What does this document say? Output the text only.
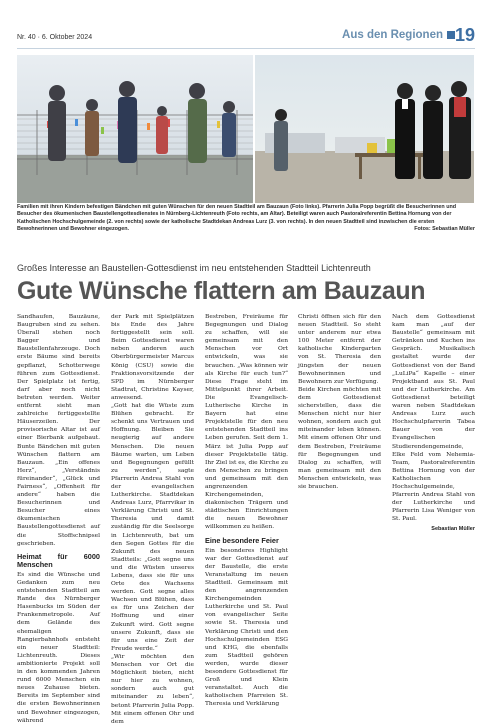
Nr. 40 · 6. Oktober 2024	Aus den Regionen 19
Familien mit ihren Kindern befestigen Bändchen mit guten Wünschen für den neuen Stadtteil am Bauzaun (Foto links). Pfarrerin Julia Popp begrüßt die Besucherinnen und Besucher des ökumenischen Baustellengottesdienstes in Nürnberg-Lichtenreuth (Foto rechts, am Altar). Beteiligt waren auch Pastoralreferentin Bettina Hornung von der Katholischen Hochschulgemeinde (2. von rechts) sowie der katholische Stadtdekan Andreas Lurz (3. von rechts). In den neuen Stadtteil sind inzwischen die ersten Bewohnerinnen und Bewohner eingezogen.	Fotos: Sebastian Müller
Großes Interesse an Baustellen-Gottesdienst im neu entstehenden Stadtteil Lichtenreuth
Gute Wünsche flattern am Bauzaun

Sandhaufen, Bauzäune, Baugruben sind zu sehen. Überall stehen noch Bagger und Baustellenfahrzeuge. Doch erste Bäume sind bereits gepflanzt, Schotterwege führen zum Gottesdienst. Der Spielplatz ist fertig, darf aber noch nicht betreten werden. Weiter entfernt sieht man zahlreiche fertiggestellte Häuserzeilen. Der provisorische Altar ist auf einer Bierbank aufgebaut. Bunte Bändchen mit guten Wünschen flattern am Bauzaun. „Ein offenes Herz“, „Verständnis füreinander“, „Glück und Fairness“, „Offenheit für andere“ haben die Besucherinnen und Besucher eines ökumenischen Baustellengottesdienst auf die Stoffschnipsel geschrieben.

Heimat für 6000 Menschen

Es sind die Wünsche und Gedanken zum neu entstehenden Stadtteil am Rande des Nürnberger Hasenbucks im Süden der Frankenmetropole. Auf dem Gelände des ehemaligen Rangierbahnhofs entsteht ein neuer Stadtteil: Lichtenreuth. Dieses ambitionierte Projekt soll in den kommenden Jahren rund 6000 Menschen ein neues Zuhause bieten. Bereits im September sind die ersten Bewohnerinnen und Bewohner eingezogen, während

der Park mit Spielplätzen bis Ende des Jahre fertiggestellt sein soll. Beim Gottesdienst waren neben anderen auch Oberbürgermeister Marcus König (CSU) sowie die Fraktionsvorsitzende der SPD im Nürnberger Stadtrat, Christine Kayser, anwesend.

„Gott hat die Wüste zum Blühen gebracht. Er schenkt uns Vertrauen und Hoffnung. Bleiben Sie neugierig auf andere Menschen. Die neuen Bäume warten, um Leben und Begegnungen gefüllt zu werden“, sagte Pfarrerin Andrea Stahl von der evangelischen Lutherkirche. Stadtdekan Andreas Lurz, Pfarrvikar in Verklärung Christi und St. Theresia und damit zuständig für die Seelsorge in Lichtenreuth, bat um den Segen Gottes für die Zukunft des neuen Stadtteils: „Gott segne uns und die Wüsten unseres Lebens, dass sie für uns Orte des Wachsens werden. Gott segne alles Wachsen und Blühen, dass es für uns Zeichen der Hoffnung und einer Zukunft wird. Gott segne unsere Zukunft, dass sie für uns eine Zeit der Freude werde.“

„Wir möchten den Menschen vor Ort die Möglichkeit bieten, nicht nur hier zu wohnen, sondern auch gut miteinander zu leben“, betont Pfarrerin Julia Popp. Mit einem offenen Ohr und dem

Bestreben, Freiräume für Begegnungen und Dialog zu schaffen, will sie gemeinsam mit den Menschen vor Ort entwickeln, was sie brauchen. „Was können wir als Kirche für euch tun?“ Diese Frage steht im Mittelpunkt ihrer Arbeit. Die Evangelisch-Lutherische Kirche in Bayern hat eine Projektstelle für den neu entstehenden Stadtteil ins Leben gerufen. Seit dem 1. März ist Julia Popp auf dieser Projektstelle tätig. Ihr Ziel ist es, die Kirche zu den Menschen zu bringen und gemeinsam mit den angrenzenden Kirchengemeinden, diakonischen Trägern und städtischen Einrichtungen die neuen Bewohner willkommen zu heißen.

Eine besondere Feier

Ein besonderes Highlight war der Gottesdienst auf der Baustelle, die erste Veranstaltung im neuen Stadtteil. Gemeinsam mit den angrenzenden Kirchengemeinden Lutherkirche und St. Paul von evangelischer Seite sowie St. Theresia und Verklärung Christi und den Hochschulgemeinden ESG und KHG, die ebenfalls zum Stadtteil gehören werden, wurde dieser besondere Gottesdienst für Groß und Klein veranstaltet. Auch die katholischen Pfarreien St. Theresia und Verklärung

Christi öffnen sich für den neuen Stadtteil. So steht unter anderem nur etwa 100 Meter entfernt der katholische Kindergarten von St. Theresia den jüngsten der neuen Bewohnerinnen und Bewohnern zur Verfügung.

Beide Kirchen möchten mit dem Gottesdienst sicherstellen, dass die Menschen nicht nur hier wohnen, sondern auch gut miteinander leben können. Mit einem offenen Ohr und dem Bestreben, Freiräume für Begegnungen und Dialog zu schaffen, will man gemeinsam mit den Menschen entwickeln, was sie brauchen.

Nach dem Gottesdienst kam man „auf der Baustelle“ gemeinsam mit Getränken und Kuchen ins Gespräch. Musikalisch gestaltet wurde der Gottesdienst von der Band „LuLiPa“ Kapelle – einer Projektband aus St. Paul und der Lutherkirche. Am Gottesdienst beteiligt waren neben Stadtdekan Andreas Lurz auch Hochschulpfarrerin Tabea Bauer von der Evangelischen Studierendengemeinde, Elke Feld vom Nehemia-Team, Pastoralreferentin Bettina Hornung von der Katholischen Hochschulgemeinde, Pfarrerin Andrea Stahl von der Lutherkirche und Pfarrerin Lisa Weniger von St. Paul.

Sebastian Müller
